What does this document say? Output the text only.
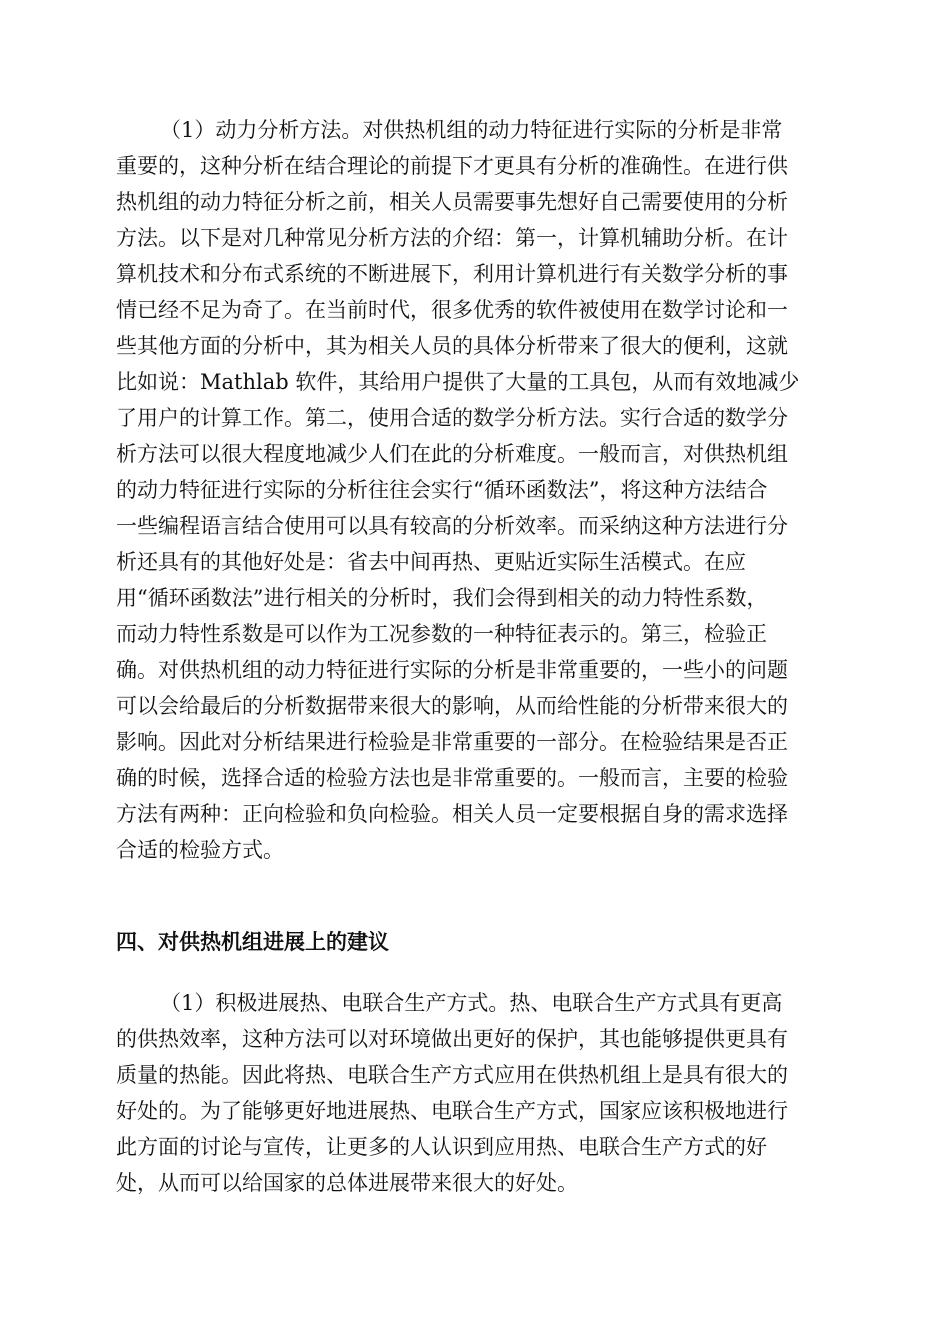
（1）动力分析方法。对供热机组的动力特征进行实际的分析是非常
重要的，这种分析在结合理论的前提下才更具有分析的准确性。在进行供
热机组的动力特征分析之前，相关人员需要事先想好自己需要使用的分析
方法。以下是对几种常见分析方法的介绍：第一，计算机辅助分析。在计
算机技术和分布式系统的不断进展下，利用计算机进行有关数学分析的事
情已经不足为奇了。在当前时代，很多优秀的软件被使用在数学讨论和一
些其他方面的分析中，其为相关人员的具体分析带来了很大的便利，这就
比如说：Mathlab 软件，其给用户提供了大量的工具包，从而有效地减少
了用户的计算工作。第二，使用合适的数学分析方法。实行合适的数学分
析方法可以很大程度地减少人们在此的分析难度。一般而言，对供热机组
的动力特征进行实际的分析往往会实行“循环函数法”，将这种方法结合
一些编程语言结合使用可以具有较高的分析效率。而采纳这种方法进行分
析还具有的其他好处是：省去中间再热、更贴近实际生活模式。在应
用“循环函数法”进行相关的分析时，我们会得到相关的动力特性系数，
而动力特性系数是可以作为工况参数的一种特征表示的。第三，检验正
确。对供热机组的动力特征进行实际的分析是非常重要的，一些小的问题
可以会给最后的分析数据带来很大的影响，从而给性能的分析带来很大的
影响。因此对分析结果进行检验是非常重要的一部分。在检验结果是否正
确的时候，选择合适的检验方法也是非常重要的。一般而言，主要的检验
方法有两种：正向检验和负向检验。相关人员一定要根据自身的需求选择
合适的检验方式。
四、对供热机组进展上的建议
（1）积极进展热、电联合生产方式。热、电联合生产方式具有更高
的供热效率，这种方法可以对环境做出更好的保护，其也能够提供更具有
质量的热能。因此将热、电联合生产方式应用在供热机组上是具有很大的
好处的。为了能够更好地进展热、电联合生产方式，国家应该积极地进行
此方面的讨论与宣传，让更多的人认识到应用热、电联合生产方式的好
处，从而可以给国家的总体进展带来很大的好处。
